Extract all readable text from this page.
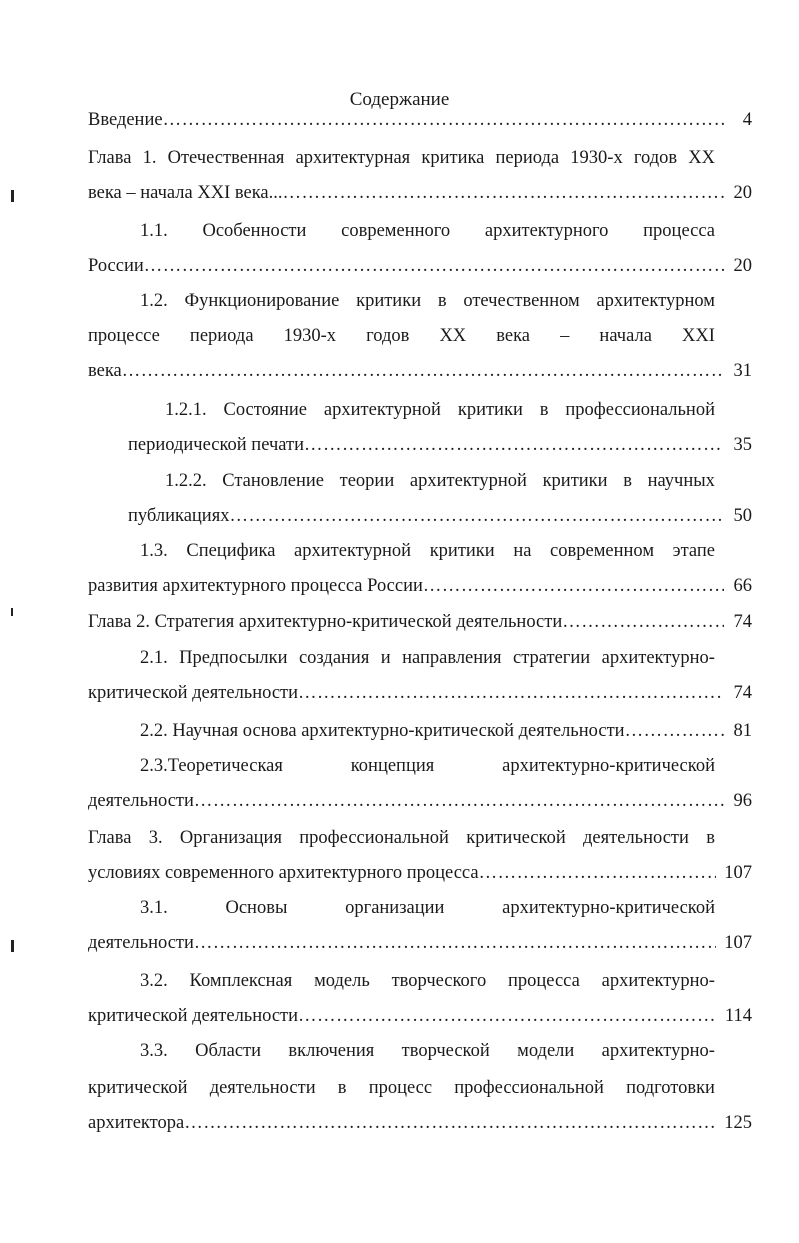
Содержание
Введение ……………………………………………………………………………………………………………………………………………………	4
Глава 1. Отечественная архитектурная критика периода 1930-х годов XX
века – начала XXI века... ……………………………………………………………………………………………………………………………………………………	20
1.1. Особенности современного архитектурного процесса
России ……………………………………………………………………………………………………………………………………………………	20
1.2. Функционирование критики в отечественном архитектурном
процессе периода 1930-х годов XX века – начала XXI
века ……………………………………………………………………………………………………………………………………………………	31
1.2.1. Состояние архитектурной критики в профессиональной
периодической печати ……………………………………………………………………………………………………………………………………………………	35
1.2.2. Становление теории архитектурной критики в научных
публикациях ……………………………………………………………………………………………………………………………………………………	50
1.3. Специфика архитектурной критики на современном этапе
развития архитектурного процесса России ……………………………………………………………………………………………………………………………………………………	66
Глава 2. Стратегия архитектурно-критической деятельности ……………………………………………………………………………………………………………………………………………………	74
2.1. Предпосылки создания и направления стратегии архитектурно-
критической деятельности ……………………………………………………………………………………………………………………………………………………	74
2.2. Научная основа архитектурно-критической деятельности ……………………………………………………………………………………………………………………………………………………	81
2.3.Теоретическая	концепция	архитектурно-критической
деятельности ……………………………………………………………………………………………………………………………………………………	96
Глава 3. Организация профессиональной критической деятельности в
условиях современного архитектурного процесса ……………………………………………………………………………………………………………………………………………………	107
3.1.	Основы	организации	архитектурно-критической
деятельности ……………………………………………………………………………………………………………………………………………………	107
3.2. Комплексная модель творческого процесса архитектурно-
критической деятельности ……………………………………………………………………………………………………………………………………………………	114
3.3. Области включения творческой модели архитектурно-
критической деятельности в процесс профессиональной подготовки
архитектора ……………………………………………………………………………………………………………………………………………………	125
